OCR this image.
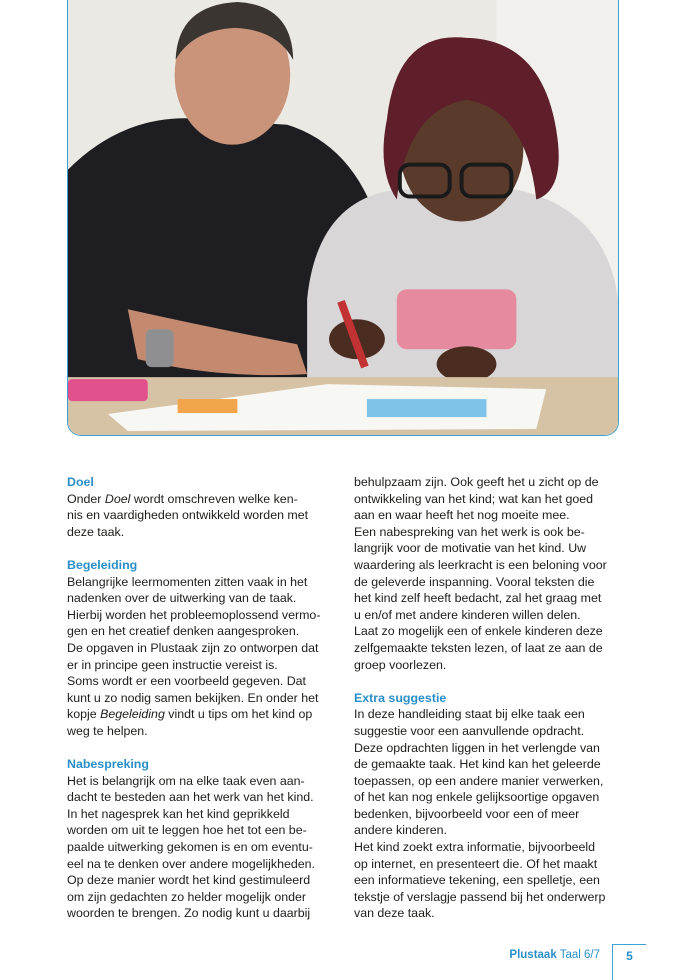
Doel

Onder Doel wordt omschreven welke ken-
nis en vaardigheden ontwikkeld worden met
deze taak.

Begeleiding

Belangrijke leermomenten zitten vaak in het
nadenken over de uitwerking van de taak.
Hierbij worden het probleemoplossend vermo-
gen en het creatief denken aangesproken.
De opgaven in Plustaak zijn zo ontworpen dat
er in principe geen instructie vereist is.
Soms wordt er een voorbeeld gegeven. Dat
kunt u zo nodig samen bekijken. En onder het
kopje Begeleiding vindt u tips om het kind op
weg te helpen.

Nabespreking

Het is belangrijk om na elke taak even aan-
dacht te besteden aan het werk van het kind.
In het nagesprek kan het kind geprikkeld
worden om uit te leggen hoe het tot een be-
paalde uitwerking gekomen is en om eventu-
eel na te denken over andere mogelijkheden.
Op deze manier wordt het kind gestimuleerd
om zijn gedachten zo helder mogelijk onder
woorden te brengen. Zo nodig kunt u daarbij

behulpzaam zijn. Ook geeft het u zicht op de
ontwikkeling van het kind; wat kan het goed
aan en waar heeft het nog moeite mee.
Een nabespreking van het werk is ook be-
langrijk voor de motivatie van het kind. Uw
waardering als leerkracht is een beloning voor
de geleverde inspanning. Vooral teksten die
het kind zelf heeft bedacht, zal het graag met
u en/of met andere kinderen willen delen.
Laat zo mogelijk een of enkele kinderen deze
zelfgemaakte teksten lezen, of laat ze aan de
groep voorlezen.

Extra suggestie

In deze handleiding staat bij elke taak een
suggestie voor een aanvullende opdracht.
Deze opdrachten liggen in het verlengde van
de gemaakte taak. Het kind kan het geleerde
toepassen, op een andere manier verwerken,
of het kan nog enkele gelijksoortige opgaven
bedenken, bijvoorbeeld voor een of meer
andere kinderen.
Het kind zoekt extra informatie, bijvoorbeeld
op internet, en presenteert die. Of het maakt
een informatieve tekening, een spelletje, een
tekstje of verslagje passend bij het onderwerp
van deze taak.

Plustaak Taal 6/7	5
